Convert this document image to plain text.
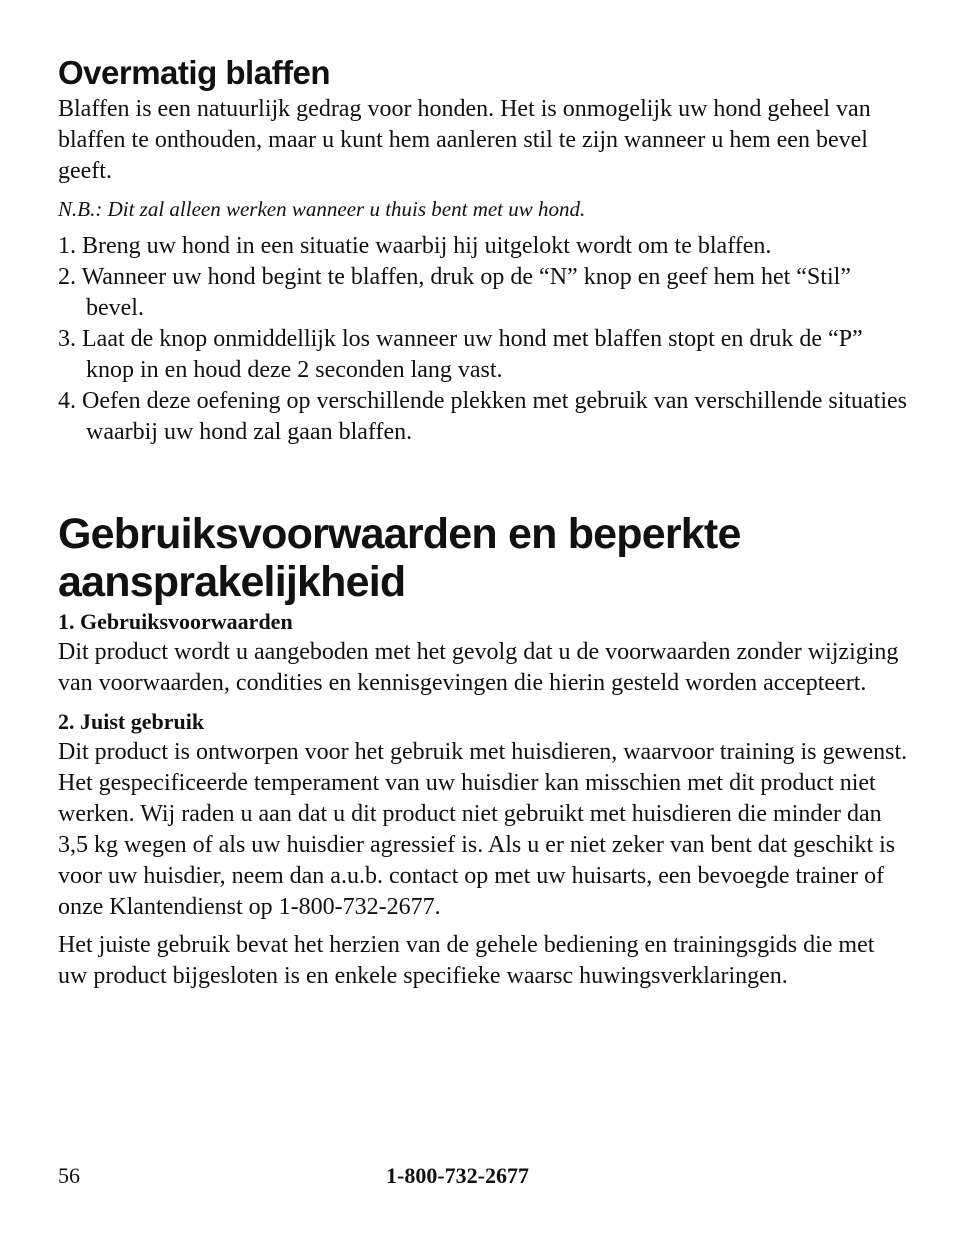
Overmatig blaffen

Blaffen is een natuurlijk gedrag voor honden. Het is onmogelijk uw hond geheel van blaffen te onthouden, maar u kunt hem aanleren stil te zijn wanneer u hem een bevel geeft.

N.B.: Dit zal alleen werken wanneer u thuis bent met uw hond.

1. Breng uw hond in een situatie waarbij hij uitgelokt wordt om te blaffen.
2. Wanneer uw hond begint te blaffen, druk op de “N” knop en geef hem het “Stil” bevel.
3. Laat de knop onmiddellijk los wanneer uw hond met blaffen stopt en druk de “P” knop in en houd deze 2 seconden lang vast.
4. Oefen deze oefening op verschillende plekken met gebruik van verschillende situaties waarbij uw hond zal gaan blaffen.
Gebruiksvoorwaarden en beperkte
aansprakelijkheid
1. Gebruiksvoorwaarden

Dit product wordt u aangeboden met het gevolg dat u de voorwaarden zonder wijziging van voorwaarden, condities en kennisgevingen die hierin gesteld worden accepteert.

2. Juist gebruik

Dit product is ontworpen voor het gebruik met huisdieren, waarvoor training is gewenst. Het gespecificeerde temperament van uw huisdier kan misschien met dit product niet werken. Wij raden u aan dat u dit product niet gebruikt met huisdieren die minder dan 3,5 kg wegen of als uw huisdier agressief is. Als u er niet zeker van bent dat geschikt is voor uw huisdier, neem dan a.u.b. contact op met uw huisarts, een bevoegde trainer of onze Klantendienst op 1-800-732-2677.

Het juiste gebruik bevat het herzien van de gehele bediening en trainingsgids die met uw product bijgesloten is en enkele specifieke waarsc huwingsverklaringen.

56	1-800-732-2677
